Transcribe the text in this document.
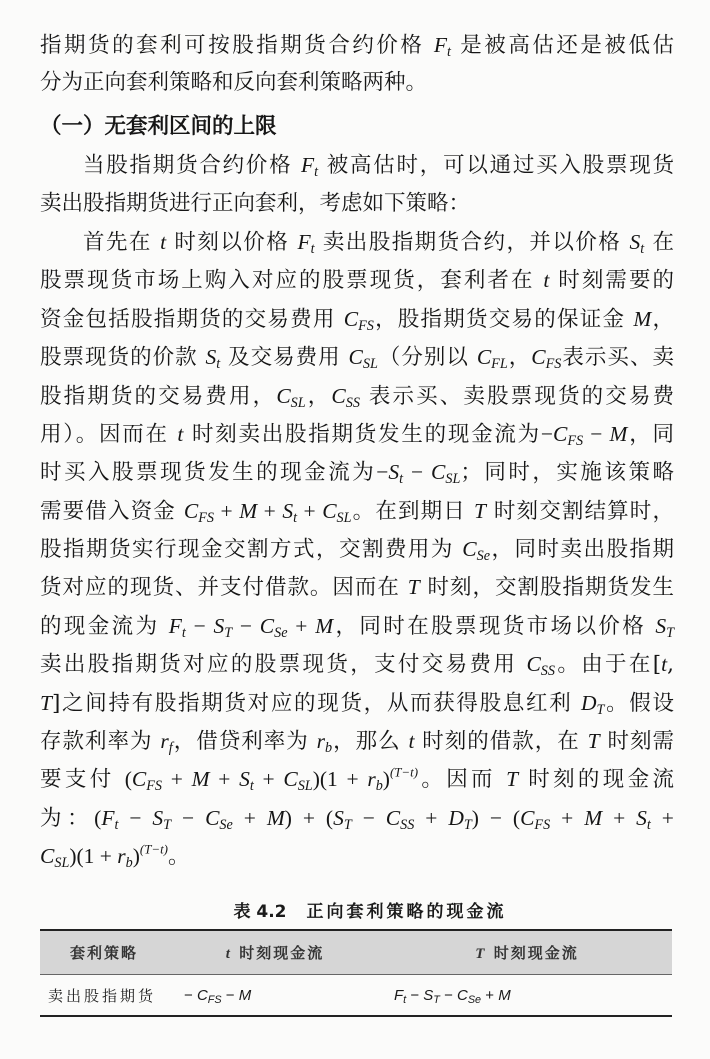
指期货的套利可按股指期货合约价格 $F_t$ 是被高估还是被低估
分为正向套利策略和反向套利策略两种。
（一）无套利区间的上限
当股指期货合约价格 $F_t$ 被高估时，可以通过买入股票现货
卖出股指期货进行正向套利，考虑如下策略：
首先在 t 时刻以价格 $F_t$ 卖出股指期货合约，并以价格 $S_t$ 在
股票现货市场上购入对应的股票现货，套利者在 t 时刻需要的
资金包括股指期货的交易费用 $C_{FS}$，股指期货交易的保证金 M，
股票现货的价款 $S_t$ 及交易费用 $C_{SL}$（分别以 $C_{FL}$，$C_{FS}$表示买、卖
股指期货的交易费用，$C_{SL}$，$C_{SS}$ 表示买、卖股票现货的交易费
用）。因而在 t 时刻卖出股指期货发生的现金流为$-C_{FS} - M$，同
时买入股票现货发生的现金流为$-S_t - C_{SL}$；同时，实施该策略
需要借入资金 $C_{FS} + M + S_t + C_{SL}$。在到期日 T 时刻交割结算时，
股指期货实行现金交割方式，交割费用为 $C_{Se}$，同时卖出股指期
货对应的现货、并支付借款。因而在 T 时刻，交割股指期货发生
的现金流为 $F_t - S_T - C_{Se} + M$，同时在股票现货市场以价格 $S_T$
卖出股指期货对应的股票现货，支付交易费用 $C_{SS}$。由于在[t,
T]之间持有股指期货对应的现货，从而获得股息红利 $D_T$。假设
存款利率为 $r_f$，借贷利率为 $r_b$，那么 t 时刻的借款，在 T 时刻需
要支付 $(C_{FS} + M + S_t + C_{SL})(1 + r_b)^{(T-t)}$。因而 T 时刻的现金流
为：$(F_t - S_T - C_{Se} + M) + (S_T - C_{SS} + D_T) - (C_{FS} + M + S_t$ +
$C_{SL})(1 + r_b)^{(T-t)}$。
表 4.2 正向套利策略的现金流
套利策略	t 时刻现金流	T 时刻现金流
卖出股指期货	− $C_{FS} - M$	$F_t - S_T - C_{Se} + M$
